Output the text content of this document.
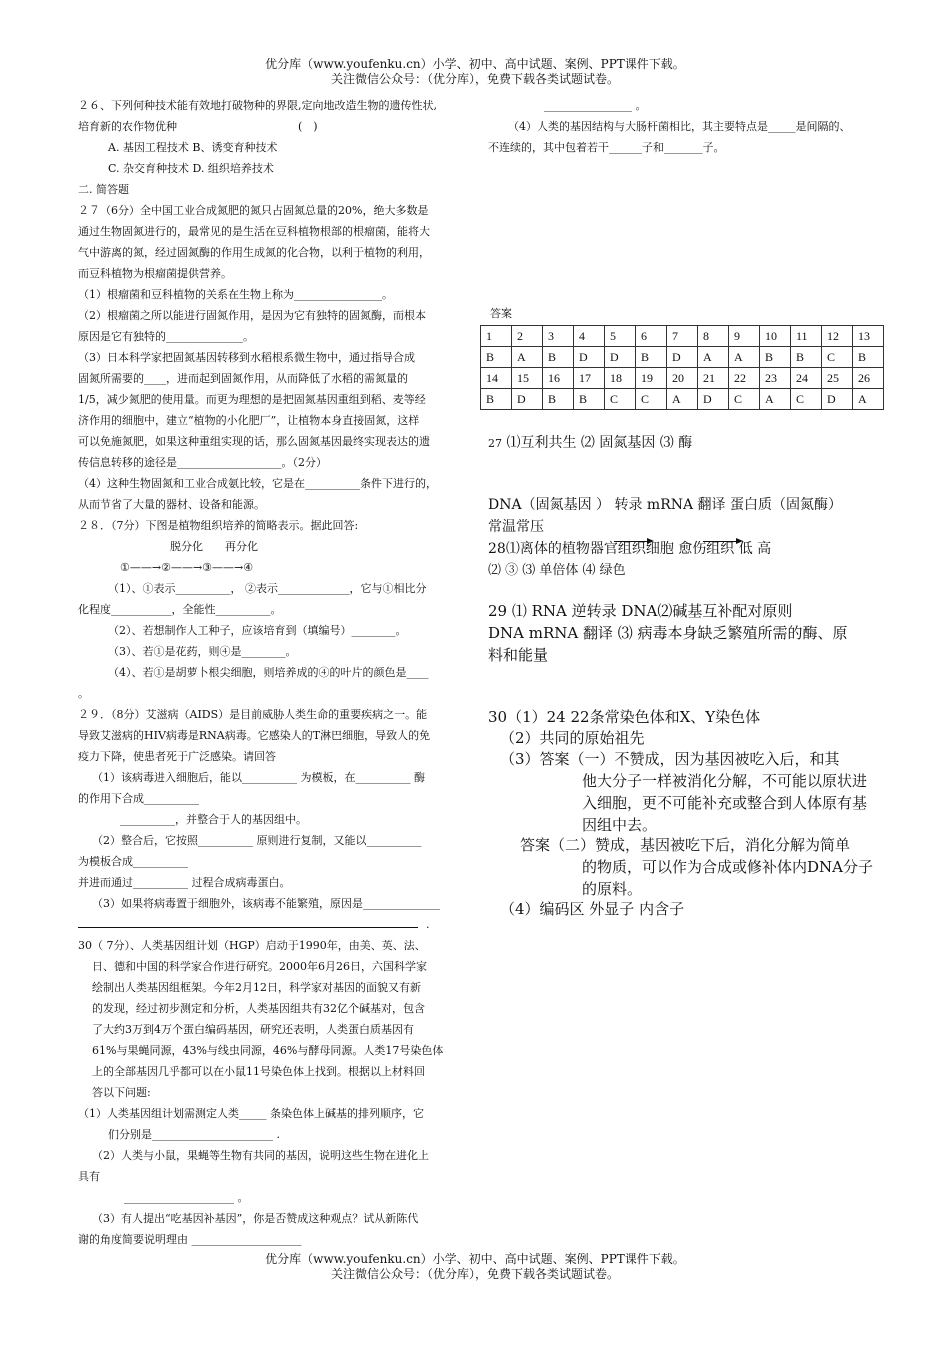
优分库（www.youfenku.cn）小学、初中、高中试题、案例、PPT课件下载。
关注微信公众号：（优分库），免费下载各类试题试卷。

２６、下列何种技术能有效地打破物种的界限,定向地改造生物的遗传性状,

培育新的农作物优种　　　　　　　　　　　(　)

A. 基因工程技术 B、诱变育种技术

C. 杂交育种技术 D. 组织培养技术

二. 简答题

２７（6分）全中国工业合成氮肥的氮只占固氮总量的20%，绝大多数是

通过生物固氮进行的，最常见的是生活在豆科植物根部的根瘤菌，能将大

气中游离的氮，经过固氮酶的作用生成氮的化合物，以利于植物的利用，

而豆科植物为根瘤菌提供营养。

（1）根瘤菌和豆科植物的关系在生物上称为________________。

（2）根瘤菌之所以能进行固氮作用，是因为它有独特的固氮酶，而根本

原因是它有独特的______________。

（3）日本科学家把固氮基因转移到水稻根系微生物中，通过指导合成

固氮所需要的____，进而起到固氮作用，从而降低了水稻的需氮量的

1/5，减少氮肥的使用量。而更为理想的是把固氮基因重组到稻、麦等经

济作用的细胞中，建立“植物的小化肥厂”，让植物本身直接固氮，这样

可以免施氮肥，如果这种重组实现的话，那么固氮基因最终实现表达的遗

传信息转移的途径是___________________。（2分）

（4）这种生物固氮和工业合成氨比较，它是在__________条件下进行的，

从而节省了大量的器材、设备和能源。

２８．（7分）下图是植物组织培养的简略表示。据此回答:

脱分化　　再分化

①——→②——→③——→④

（1）、①表示__________， ②表示_____________，它与①相比分

化程度___________，全能性__________。

（2）、若想制作人工种子，应该培育到（填编号）________。

（3）、若①是花药，则④是________。

（4）、若①是胡萝卜根尖细胞，则培养成的④的叶片的颜色是____

。

２９．（8分）艾滋病（AIDS）是目前威胁人类生命的重要疾病之一。能

导致艾滋病的HIV病毒是RNA病毒。它感染人的T淋巴细胞，导致人的免

疫力下降，使患者死于广泛感染。请回答

（1）该病毒进入细胞后，能以__________ 为模板，在__________ 酶

的作用下合成__________

__________，并整合于人的基因组中。

（2）整合后，它按照__________ 原则进行复制，又能以__________

为模板合成__________

并进而通过__________ 过程合成病毒蛋白。

（3）如果将病毒置于细胞外，该病毒不能繁殖，原因是______________

.

30（ 7分）、人类基因组计划（HGP）启动于1990年，由美、英、法、

日、德和中国的科学家合作进行研究。2000年6月26日，六国科学家

绘制出人类基因组框架。今年2月12日，科学家对基因的面貌又有新

的发现，经过初步测定和分析，人类基因组共有32亿个碱基对，包含

了大约3万到4万个蛋白编码基因，研究还表明，人类蛋白质基因有

61%与果蝇同源，43%与线虫同源，46%与酵母同源。人类17号染色体

上的全部基因几乎都可以在小鼠11号染色体上找到。根据以上材料回

答以下问题:

（1）人类基因组计划需测定人类_____ 条染色体上碱基的排列顺序，它

们分别是______________________ .

（2）人类与小鼠，果蝇等生物有共同的基因，说明这些生物在进化上

具有

____________________ 。

（3）有人提出“吃基因补基因”，你是否赞成这种观点？试从新陈代

谢的角度简要说明理由 ____________________

________________ 。

（4）人类的基因结构与大肠杆菌相比，其主要特点是_____是间隔的、

不连续的，其中包着若干______子和_______子。

答案
1	2	3	4	5	6	7	8	9	10	11	12	13
B	A	B	D	D	B	D	A	A	B	B	C	B
14	15	16	17	18	19	20	21	22	23	24	25	26
B	D	B	B	C	C	A	D	C	A	C	D	A
27 ⑴互利共生 ⑵ 固氮基因 ⑶ 酶
DNA（固氮基因 ） 转录 mRNA 翻译 蛋白质（固氮酶）
常温常压
28⑴离体的植物器官组织细胞 愈伤组织 低 高
⑵ ③ ⑶ 单倍体 ⑷ 绿色
29 ⑴ RNA 逆转录 DNA⑵碱基互补配对原则
DNA mRNA 翻译 ⑶ 病毒本身缺乏繁殖所需的酶、原
料和能量
30（1）24 22条常染色体和X、Y染色体
（2）共同的原始祖先
（3）答案（一）不赞成，因为基因被吃入后，和其
他大分子一样被消化分解，不可能以原状进
入细胞，更不可能补充或整合到人体原有基
因组中去。
答案（二）赞成，基因被吃下后，消化分解为简单
的物质，可以作为合成或修补体内DNA分子
的原料。
（4）编码区 外显子 内含子
优分库（www.youfenku.cn）小学、初中、高中试题、案例、PPT课件下载。
关注微信公众号：（优分库），免费下载各类试题试卷。
